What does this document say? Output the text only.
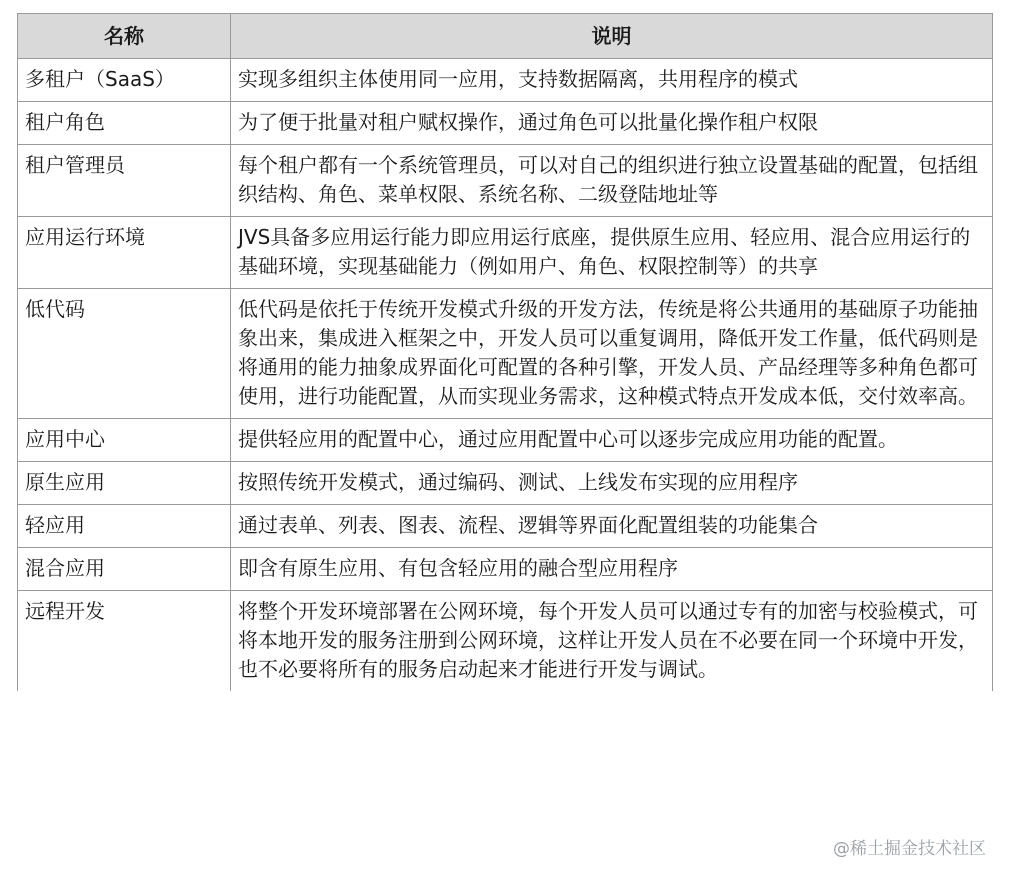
名称	说明
多租户（SaaS）	实现多组织主体使用同一应用，支持数据隔离，共用程序的模式
租户角色	为了便于批量对租户赋权操作，通过角色可以批量化操作租户权限
租户管理员	每个租户都有一个系统管理员，可以对自己的组织进行独立设置基础的配置，包括组织结构、角色、菜单权限、系统名称、二级登陆地址等
应用运行环境	JVS具备多应用运行能力即应用运行底座，提供原生应用、轻应用、混合应用运行的基础环境，实现基础能力（例如用户、角色、权限控制等）的共享
低代码	低代码是依托于传统开发模式升级的开发方法，传统是将公共通用的基础原子功能抽象出来，集成进入框架之中，开发人员可以重复调用，降低开发工作量，低代码则是将通用的能力抽象成界面化可配置的各种引擎，开发人员、产品经理等多种角色都可使用，进行功能配置，从而实现业务需求，这种模式特点开发成本低，交付效率高。
应用中心	提供轻应用的配置中心，通过应用配置中心可以逐步完成应用功能的配置。
原生应用	按照传统开发模式，通过编码、测试、上线发布实现的应用程序
轻应用	通过表单、列表、图表、流程、逻辑等界面化配置组装的功能集合
混合应用	即含有原生应用、有包含轻应用的融合型应用程序
远程开发	将整个开发环境部署在公网环境，每个开发人员可以通过专有的加密与校验模式，可将本地开发的服务注册到公网环境，这样让开发人员在不必要在同一个环境中开发，也不必要将所有的服务启动起来才能进行开发与调试。
@稀土掘金技术社区
